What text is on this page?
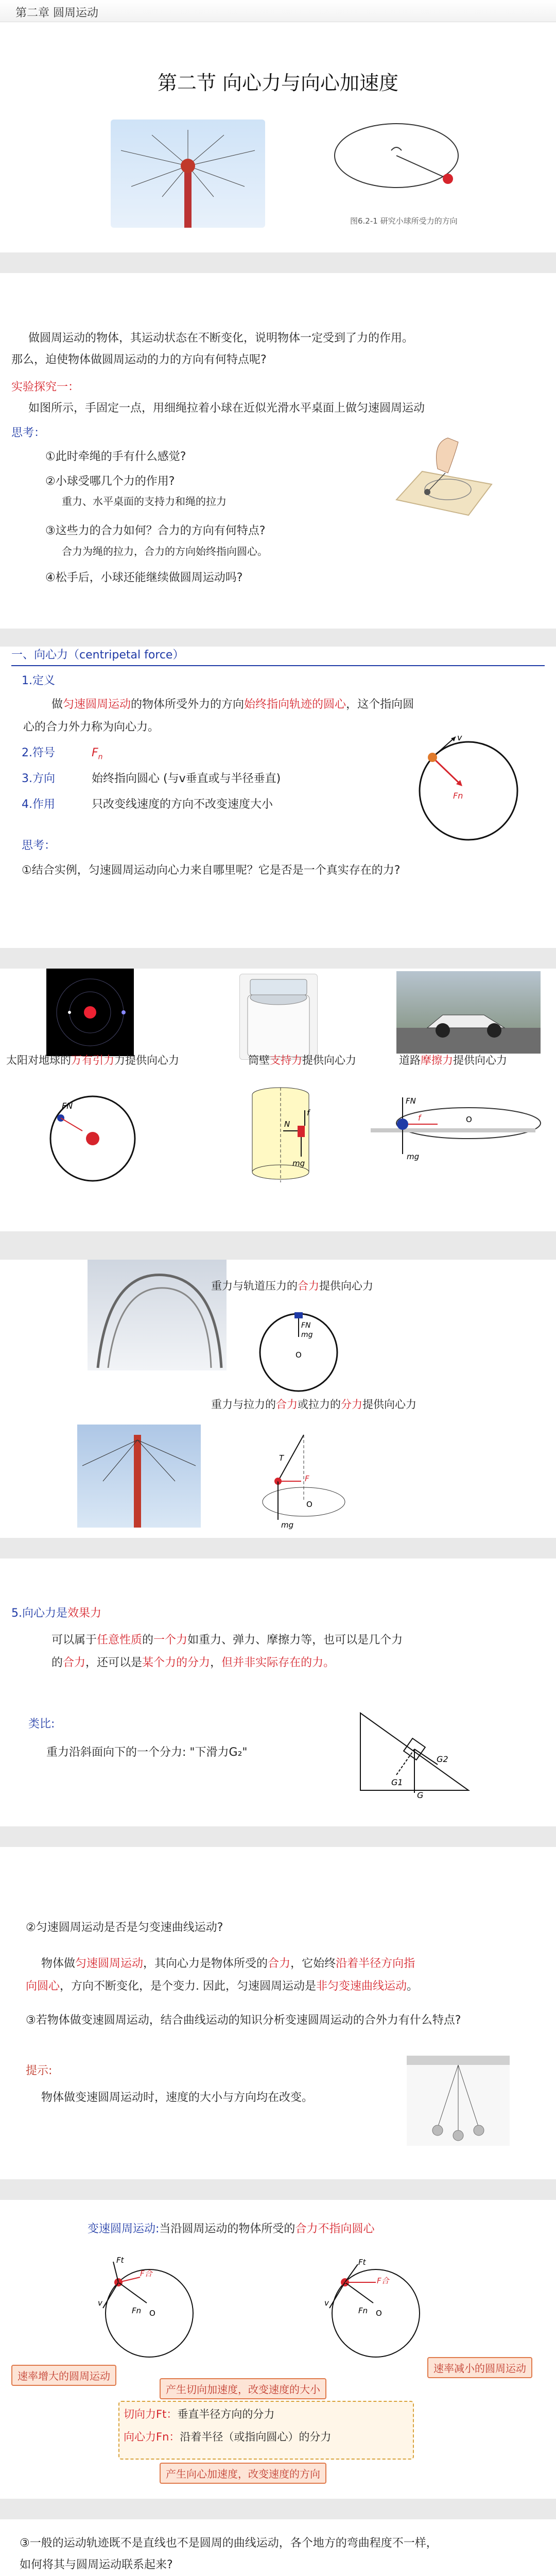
第二章 圆周运动
第二节 向心力与向心加速度
图6.2-1 研究小球所受力的方向
做圆周运动的物体，其运动状态在不断变化，说明物体一定受到了力的作用。
那么，迫使物体做圆周运动的力的方向有何特点呢?
实验探究一：
如图所示，手固定一点，用细绳拉着小球在近似光滑水平桌面上做匀速圆周运动
思考：
①此时牵绳的手有什么感觉?
②小球受哪几个力的作用?
重力、水平桌面的支持力和绳的拉力
③这些力的合力如何？合力的方向有何特点?
合力为绳的拉力，合力的方向始终指向圆心。
④松手后，小球还能继续做圆周运动吗?
一、向心力（centripetal force）
1.定义
做匀速圆周运动的物体所受外力的方向始终指向轨迹的圆心，这个指向圆
心的合力外力称为向心力。
2.符号	$F_n$
3.方向	始终指向圆心 (与v垂直或与半径垂直)
4.作用	只改变线速度的方向不改变速度大小
思考：
①结合实例，匀速圆周运动向心力来自哪里呢？它是否是一个真实存在的力?
v
Fn
太阳对地球的万有引力力提供向心力	筒壁支持力提供向心力	道路摩擦力提供向心力
FN
N
f
mg
FN
mg
O
f
重力与轨道压力的合力提供向心力
FN
mg
O
重力与拉力的合力或拉力的分力提供向心力
T
mg
F
O
5.向心力是效果力
可以属于任意性质的一个力如重力、弹力、摩擦力等，也可以是几个力
的合力，还可以是某个力的分力，但并非实际存在的力。
类比:
重力沿斜面向下的一个分力: "下滑力G₂"
G2
G1
G
②匀速圆周运动是否是匀变速曲线运动?
物体做匀速圆周运动，其向心力是物体所受的合力，它始终沿着半径方向指
向圆心，方向不断变化，是个变力. 因此，匀速圆周运动是非匀变速曲线运动。
③若物体做变速圆周运动，结合曲线运动的知识分析变速圆周运动的合外力有什么特点?
提示:
物体做变速圆周运动时，速度的大小与方向均在改变。
变速圆周运动:当沿圆周运动的物体所受的合力不指向圆心
v
Ft
F合
Fn O
v
Ft
F合
Fn O
速率增大的圆周运动
速率减小的圆周运动
产生切向加速度，改变速度的大小
切向力Ft：垂直半径方向的分力
向心力Fn：沿着半径（或指向圆心）的分力
产生向心加速度，改变速度的方向
③一般的运动轨迹既不是直线也不是圆周的曲线运动，各个地方的弯曲程度不一样，
如何将其与圆周运动联系起来?
